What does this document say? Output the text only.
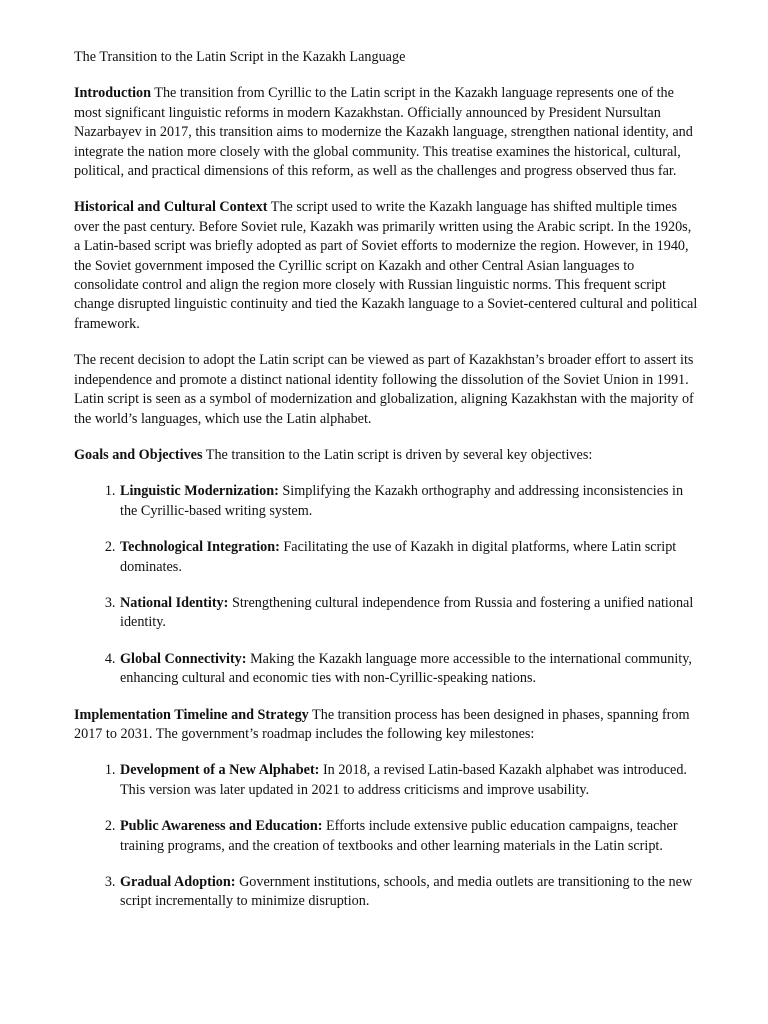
The Transition to the Latin Script in the Kazakh Language

Introduction The transition from Cyrillic to the Latin script in the Kazakh language represents one of the most significant linguistic reforms in modern Kazakhstan. Officially announced by President Nursultan Nazarbayev in 2017, this transition aims to modernize the Kazakh language, strengthen national identity, and integrate the nation more closely with the global community. This treatise examines the historical, cultural, political, and practical dimensions of this reform, as well as the challenges and progress observed thus far.

Historical and Cultural Context The script used to write the Kazakh language has shifted multiple times over the past century. Before Soviet rule, Kazakh was primarily written using the Arabic script. In the 1920s, a Latin-based script was briefly adopted as part of Soviet efforts to modernize the region. However, in 1940, the Soviet government imposed the Cyrillic script on Kazakh and other Central Asian languages to consolidate control and align the region more closely with Russian linguistic norms. This frequent script change disrupted linguistic continuity and tied the Kazakh language to a Soviet-centered cultural and political framework.

The recent decision to adopt the Latin script can be viewed as part of Kazakhstan’s broader effort to assert its independence and promote a distinct national identity following the dissolution of the Soviet Union in 1991. Latin script is seen as a symbol of modernization and globalization, aligning Kazakhstan with the majority of the world’s languages, which use the Latin alphabet.

Goals and Objectives The transition to the Latin script is driven by several key objectives:

1. Linguistic Modernization: Simplifying the Kazakh orthography and addressing inconsistencies in the Cyrillic-based writing system.
2. Technological Integration: Facilitating the use of Kazakh in digital platforms, where Latin script dominates.
3. National Identity: Strengthening cultural independence from Russia and fostering a unified national identity.
4. Global Connectivity: Making the Kazakh language more accessible to the international community, enhancing cultural and economic ties with non-Cyrillic-speaking nations.

Implementation Timeline and Strategy The transition process has been designed in phases, spanning from 2017 to 2031. The government’s roadmap includes the following key milestones:

1. Development of a New Alphabet: In 2018, a revised Latin-based Kazakh alphabet was introduced. This version was later updated in 2021 to address criticisms and improve usability.
2. Public Awareness and Education: Efforts include extensive public education campaigns, teacher training programs, and the creation of textbooks and other learning materials in the Latin script.
3. Gradual Adoption: Government institutions, schools, and media outlets are transitioning to the new script incrementally to minimize disruption.
